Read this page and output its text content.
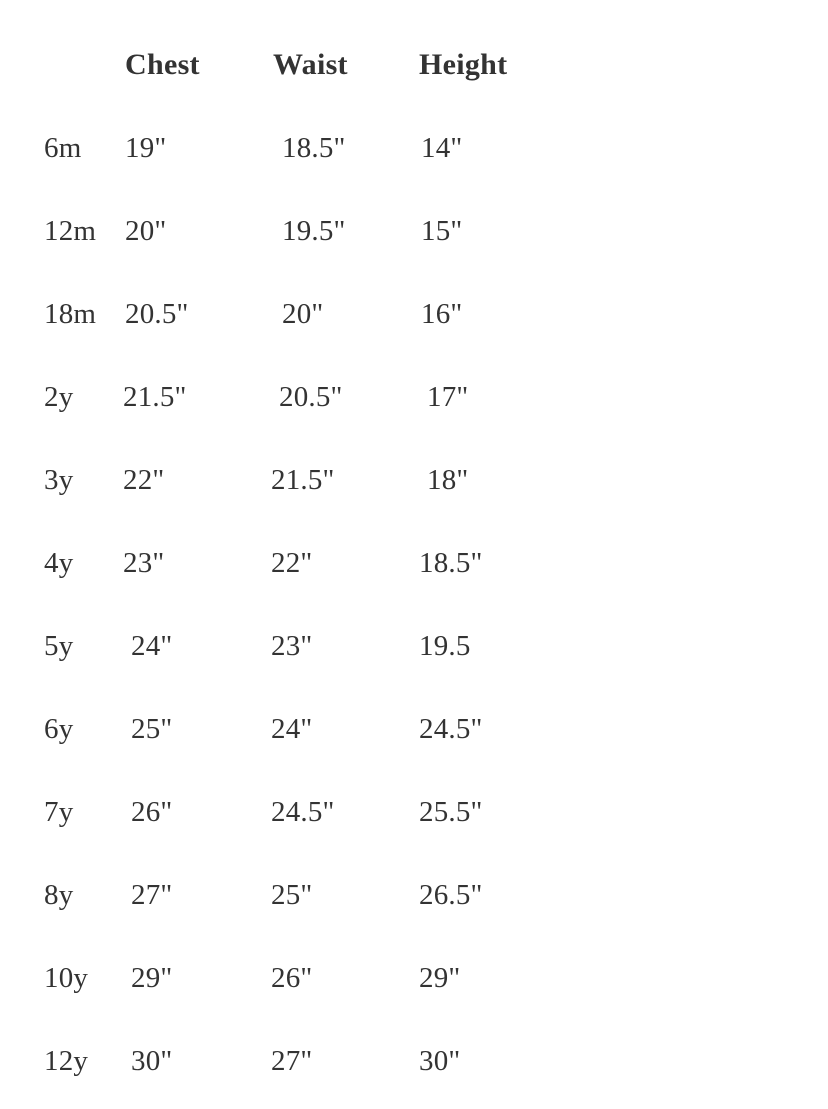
Chest Waist Height
6m 19"	18.5"	14"
12m 20"	19.5"	15"
18m 20.5"	20"	16"
2y 21.5"	20.5"	17"
3y 22"	21.5"	18"
4y 23"	22"	18.5"
5y 24"	23"	19.5
6y 25"	24"	24.5"
7y 26"	24.5"	25.5"
8y 27"	25"	26.5"
10y 29"	26"	29"
12y 30"	27"	30"
